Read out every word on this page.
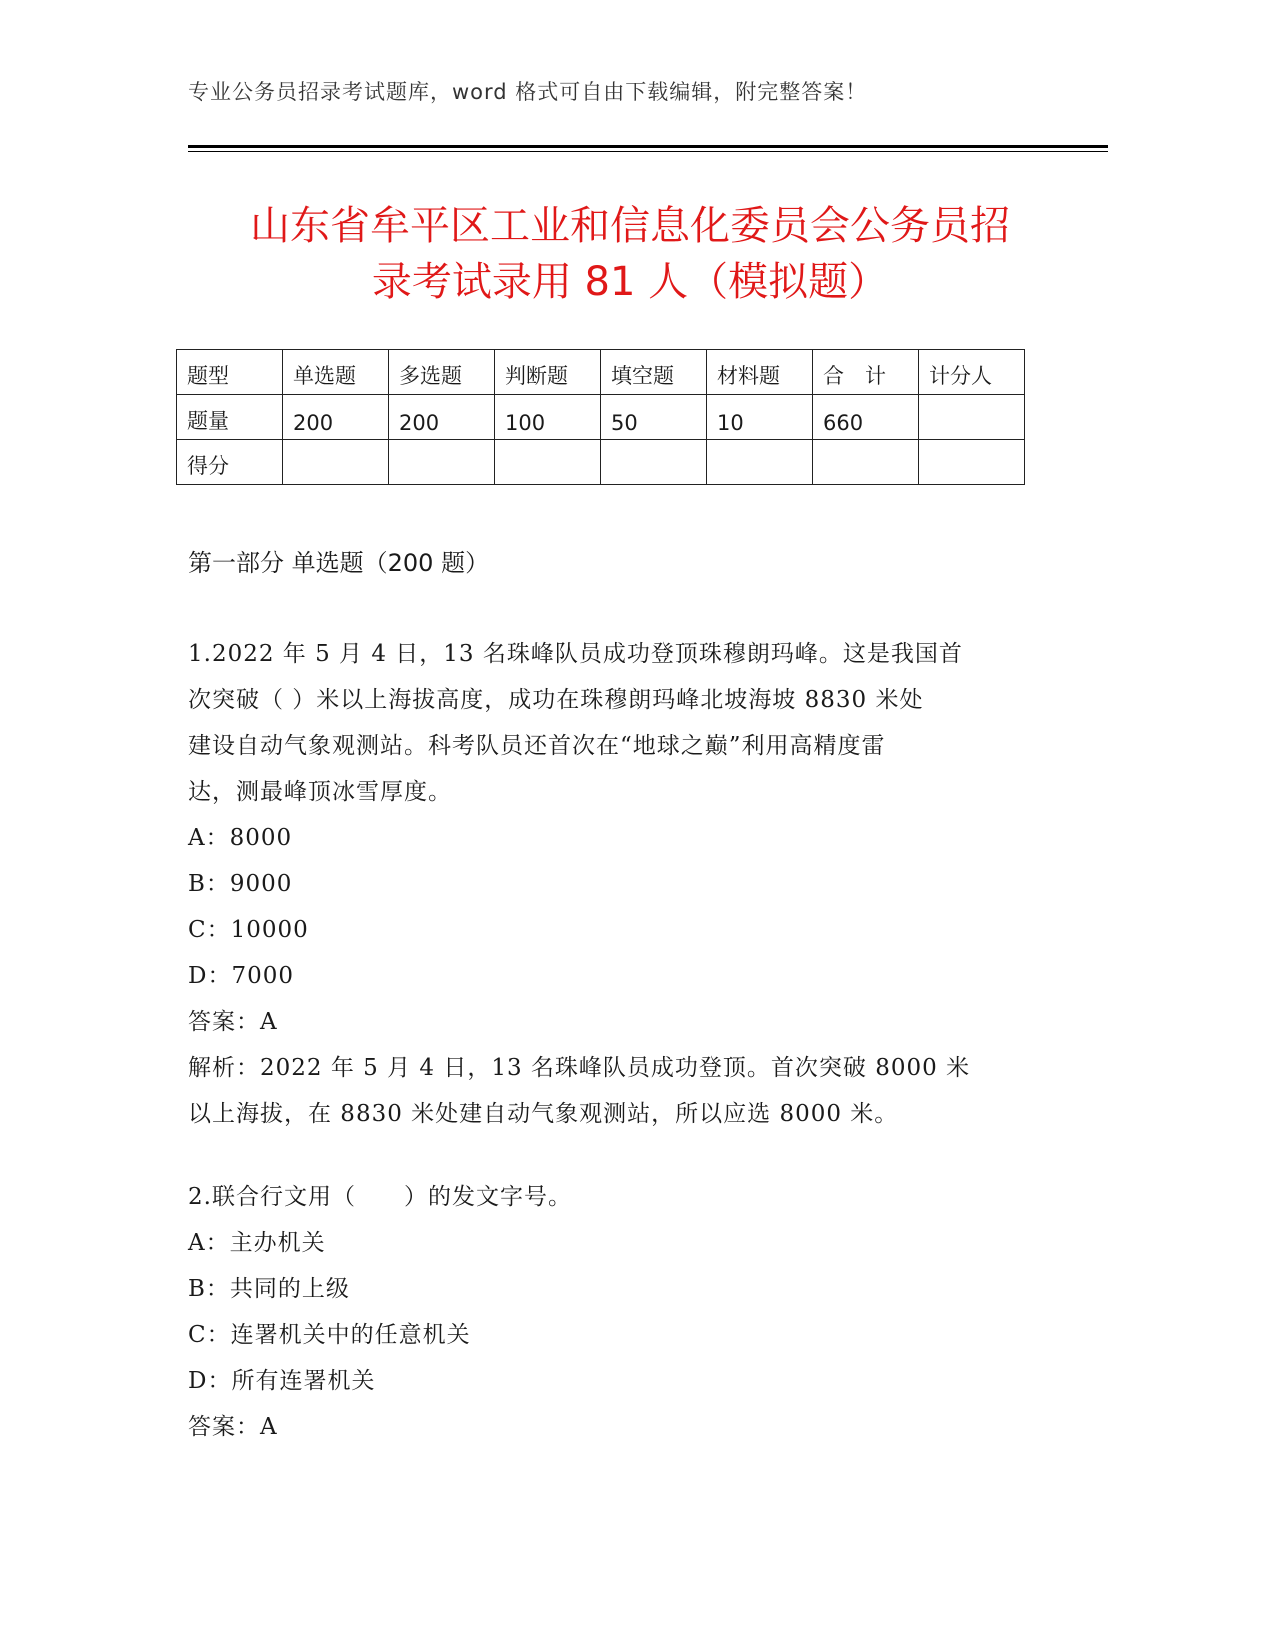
专业公务员招录考试题库，word 格式可自由下载编辑，附完整答案！
山东省牟平区工业和信息化委员会公务员招
录考试录用 81 人（模拟题）
题型	单选题	多选题	判断题	填空题	材料题	合　计	计分人
题量	200	200	100	50	10	660	
得分							
第一部分 单选题（200 题）

1.2022 年 5 月 4 日，13 名珠峰队员成功登顶珠穆朗玛峰。这是我国首

次突破（ ）米以上海拔高度，成功在珠穆朗玛峰北坡海坡 8830 米处

建设自动气象观测站。科考队员还首次在“地球之巅”利用高精度雷

达，测最峰顶冰雪厚度。

A：8000

B：9000

C：10000

D：7000

答案：A

解析：2022 年 5 月 4 日，13 名珠峰队员成功登顶。首次突破 8000 米

以上海拔，在 8830 米处建自动气象观测站，所以应选 8000 米。

2.联合行文用（　　）的发文字号。

A：主办机关

B：共同的上级

C：连署机关中的任意机关

D：所有连署机关

答案：A
